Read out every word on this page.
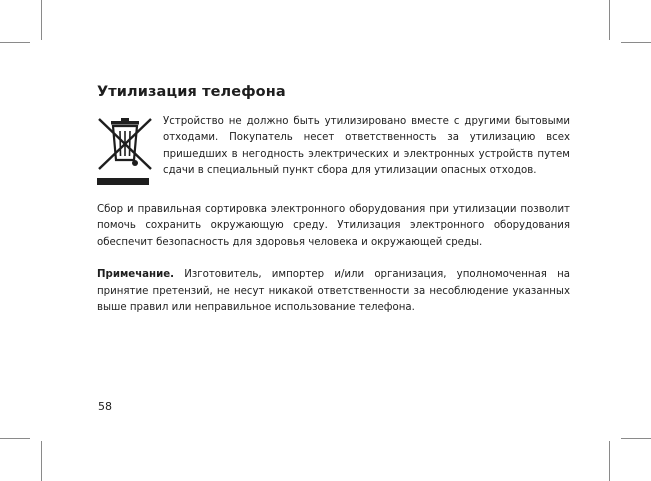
Утилизация телефона

Устройство не должно быть утилизировано вместе с другими бытовыми отходами. Покупатель несет ответственность за утилизацию всех пришедших в негодность электрических и электронных устройств путем сдачи в специальный пункт сбора для утилизации опасных отходов.

Сбор и правильная сортировка электронного оборудования при утилизации позволит помочь сохранить окружающую среду. Утилизация электронного оборудования обеспечит безопасность для здоровья человека и окружающей среды.

Примечание. Изготовитель, импортер и/или организация, уполномоченная на принятие претензий, не несут никакой ответственности за несоблюдение указанных выше правил или неправильное использование телефона.

58
